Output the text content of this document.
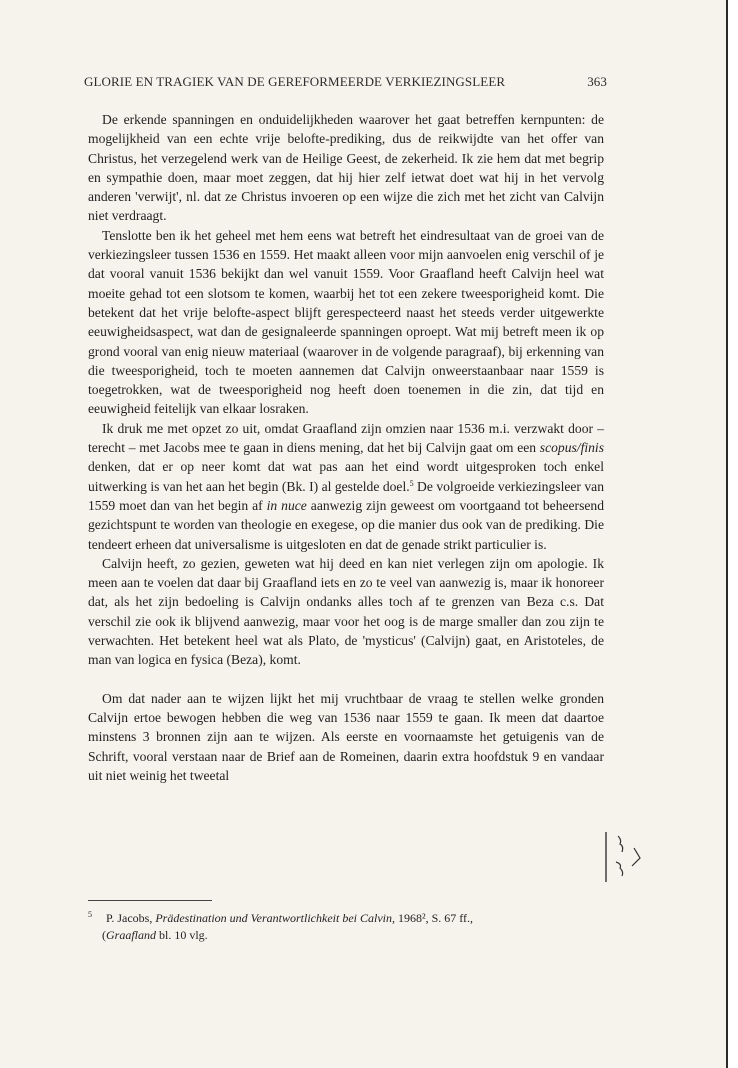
GLORIE EN TRAGIEK VAN DE GEREFORMEERDE VERKIEZINGSLEER	363

De erkende spanningen en onduidelijkheden waarover het gaat betreffen kernpunten: de mogelijkheid van een echte vrije belofte-prediking, dus de reikwijdte van het offer van Christus, het verzegelend werk van de Heilige Geest, de zekerheid. Ik zie hem dat met begrip en sympathie doen, maar moet zeggen, dat hij hier zelf ietwat doet wat hij in het vervolg anderen 'verwijt', nl. dat ze Christus invoeren op een wijze die zich met het zicht van Calvijn niet verdraagt.

Tenslotte ben ik het geheel met hem eens wat betreft het eindresultaat van de groei van de verkiezingsleer tussen 1536 en 1559. Het maakt alleen voor mijn aanvoelen enig verschil of je dat vooral vanuit 1536 bekijkt dan wel vanuit 1559. Voor Graafland heeft Calvijn heel wat moeite gehad tot een slotsom te komen, waarbij het tot een zekere tweesporigheid komt. Die betekent dat het vrije belofte-aspect blijft gerespecteerd naast het steeds verder uitgewerkte eeuwigheidsaspect, wat dan de gesignaleerde spanningen oproept. Wat mij betreft meen ik op grond vooral van enig nieuw materiaal (waarover in de volgende paragraaf), bij erkenning van die tweesporigheid, toch te moeten aannemen dat Calvijn onweerstaanbaar naar 1559 is toegetrokken, wat de tweesporigheid nog heeft doen toenemen in die zin, dat tijd en eeuwigheid feitelijk van elkaar losraken.

Ik druk me met opzet zo uit, omdat Graafland zijn omzien naar 1536 m.i. verzwakt door – terecht – met Jacobs mee te gaan in diens mening, dat het bij Calvijn gaat om een scopus/finis denken, dat er op neer komt dat wat pas aan het eind wordt uitgesproken toch enkel uitwerking is van het aan het begin (Bk. I) al gestelde doel.$^5$ De volgroeide verkiezingsleer van 1559 moet dan van het begin af in nuce aanwezig zijn geweest om voortgaand tot beheersend gezichtspunt te worden van theologie en exegese, op die manier dus ook van de prediking. Die tendeert erheen dat universalisme is uitgesloten en dat de genade strikt particulier is.

Calvijn heeft, zo gezien, geweten wat hij deed en kan niet verlegen zijn om apologie. Ik meen aan te voelen dat daar bij Graafland iets en zo te veel van aanwezig is, maar ik honoreer dat, als het zijn bedoeling is Calvijn ondanks alles toch af te grenzen van Beza c.s. Dat verschil zie ook ik blijvend aanwezig, maar voor het oog is de marge smaller dan zou zijn te verwachten. Het betekent heel wat als Plato, de 'mysticus' (Calvijn) gaat, en Aristoteles, de man van logica en fysica (Beza), komt.

Om dat nader aan te wijzen lijkt het mij vruchtbaar de vraag te stellen welke gronden Calvijn ertoe bewogen hebben die weg van 1536 naar 1559 te gaan. Ik meen dat daartoe minstens 3 bronnen zijn aan te wijzen. Als eerste en voornaamste het getuigenis van de Schrift, vooral verstaan naar de Brief aan de Romeinen, daarin extra hoofdstuk 9 en vandaar uit niet weinig het tweetal

$^5$ P. Jacobs, Prädestination und Verantwortlichkeit bei Calvin, 1968², S. 67 ff.,
(Graafland bl. 10 vlg.
